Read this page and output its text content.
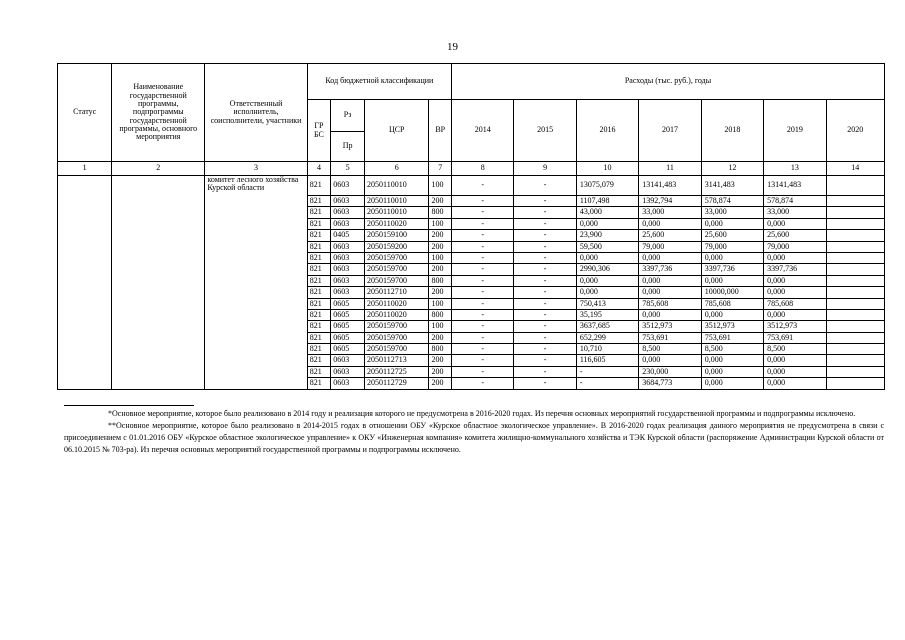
19
Статус	Наименование государственной программы, подпрограммы государственной программы, основного мероприятия	Ответственный исполнитель, соисполнители, участники	Код бюджетной классификации				Расходы (тыс. руб.), годы						
			ГР БС	Рз	ЦСР	ВР	2014	2015	2016	2017	2018	2019	2020
				Пр									
1	2	3	4	5	6	7	8	9	10	11	12	13	14
		комитет лесного хозяйства Курской области	821	0603	2050110010	100	-	-	13075,079	13141,483	3141,483	13141,483	
			821	0603	2050110010	200	-	-	1107,498	1392,794	578,874	578,874	
			821	0603	2050110010	800	-	-	43,000	33,000	33,000	33,000	
			821	0603	2050110020	100	-	-	0,000	0,000	0,000	0,000	
			821	0405	2050159100	200	-	-	23,900	25,600	25,600	25,600	
			821	0603	2050159200	200	-	-	59,500	79,000	79,000	79,000	
			821	0603	2050159700	100	-	-	0,000	0,000	0,000	0,000	
			821	0603	2050159700	200	-	-	2990,306	3397,736	3397,736	3397,736	
			821	0603	2050159700	800	-	-	0,000	0,000	0,000	0,000	
			821	0603	2050112710	200	-	-	0,000	0,000	10000,000	0,000	
			821	0605	2050110020	100	-	-	750,413	785,608	785,608	785,608	
			821	0605	2050110020	800	-	-	35,195	0,000	0,000	0,000	
			821	0605	2050159700	100	-	-	3637,685	3512,973	3512,973	3512,973	
			821	0605	2050159700	200	-	-	652,299	753,691	753,691	753,691	
			821	0605	2050159700	800	-	-	10,710	8,500	8,500	8,500	
			821	0603	2050112713	200	-	-	116,605	0,000	0,000	0,000	
			821	0603	2050112725	200	-	-	-	230,000	0,000	0,000	
			821	0603	2050112729	200	-	-	-	3684,773	0,000	0,000	

*Основное мероприятие, которое было реализовано в 2014 году и реализация которого не предусмотрена в 2016-2020 годах. Из перечня основных мероприятий государственной программы и подпрограммы исключено.

**Основное мероприятие, которое было реализовано в 2014-2015 годах в отношении ОБУ «Курское областное экологическое управление». В 2016-2020 годах реализация данного мероприятия не предусмотрена в связи с присоединением с 01.01.2016 ОБУ «Курское областное экологическое управление» к ОКУ «Инженерная компания» комитета жилищно-коммунального хозяйства и ТЭК Курской области (распоряжение Администрации Курской области от 06.10.2015 № 703-ра). Из перечня основных мероприятий государственной программы и подпрограммы исключено.
